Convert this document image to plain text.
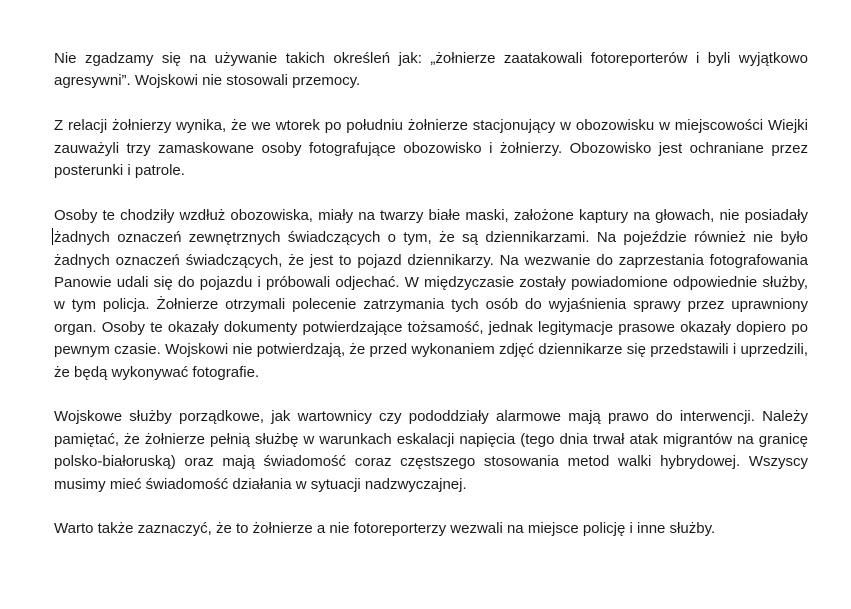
Nie zgadzamy się na używanie takich określeń jak: „żołnierze zaatakowali fotoreporterów i byli wyjątkowo agresywni”. Wojskowi nie stosowali przemocy.

Z relacji żołnierzy wynika, że we wtorek po południu żołnierze stacjonujący w obozowisku w miejscowości Wiejki zauważyli trzy zamaskowane osoby fotografujące obozowisko i żołnierzy. Obozowisko jest ochraniane przez posterunki i patrole.

Osoby te chodziły wzdłuż obozowiska, miały na twarzy białe maski, założone kaptury na głowach, nie posiadały żadnych oznaczeń zewnętrznych świadczących o tym, że są dziennikarzami. Na pojeździe również nie było żadnych oznaczeń świadczących, że jest to pojazd dziennikarzy. Na wezwanie do zaprzestania fotografowania Panowie udali się do pojazdu i próbowali odjechać. W międzyczasie zostały powiadomione odpowiednie służby, w tym policja. Żołnierze otrzymali polecenie zatrzymania tych osób do wyjaśnienia sprawy przez uprawniony organ. Osoby te okazały dokumenty potwierdzające tożsamość, jednak legitymacje prasowe okazały dopiero po pewnym czasie. Wojskowi nie potwierdzają, że przed wykonaniem zdjęć dziennikarze się przedstawili i uprzedzili, że będą wykonywać fotografie.

Wojskowe służby porządkowe, jak wartownicy czy pododdziały alarmowe mają prawo do interwencji. Należy pamiętać, że żołnierze pełnią służbę w warunkach eskalacji napięcia (tego dnia trwał atak migrantów na granicę polsko-białoruską) oraz mają świadomość coraz częstszego stosowania metod walki hybrydowej. Wszyscy musimy mieć świadomość działania w sytuacji nadzwyczajnej.

Warto także zaznaczyć, że to żołnierze a nie fotoreporterzy wezwali na miejsce policję i inne służby.
